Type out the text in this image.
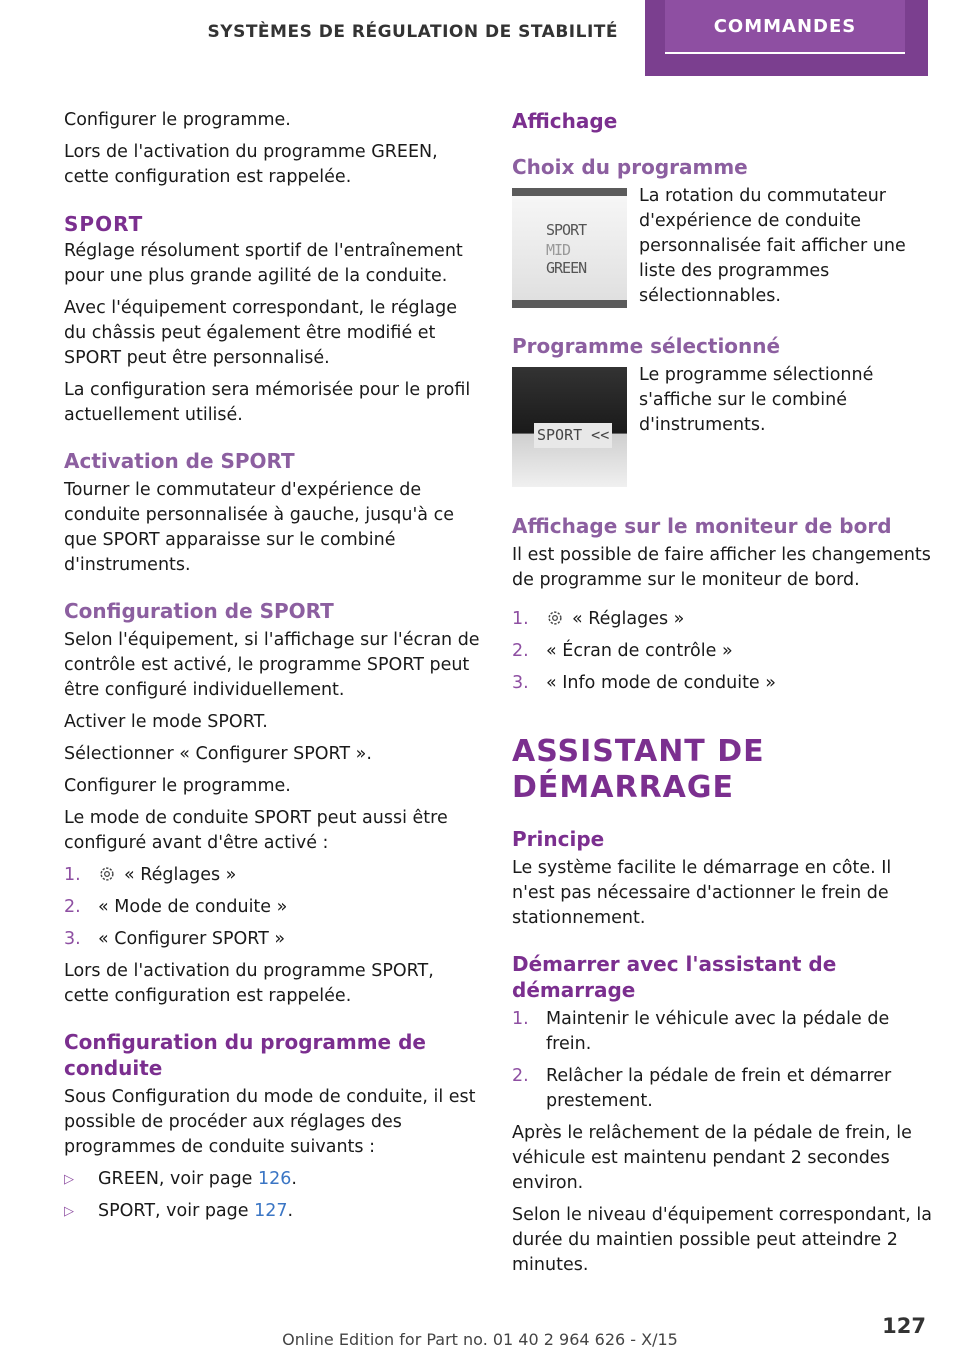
SYSTÈMES DE RÉGULATION DE STABILITÉ	COMMANDES

Configurer le programme.

Lors de l'activation du programme GREEN, cette configuration est rappelée.

SPORT

Réglage résolument sportif de l'entraînement pour une plus grande agilité de la conduite.

Avec l'équipement correspondant, le réglage du châssis peut également être modifié et SPORT peut être personnalisé.

La configuration sera mémorisée pour le profil actuellement utilisé.

Activation de SPORT

Tourner le commutateur d'expérience de conduite personnalisée à gauche, jusqu'à ce que SPORT apparaisse sur le combiné d'instruments.

Configuration de SPORT

Selon l'équipement, si l'affichage sur l'écran de contrôle est activé, le programme SPORT peut être configuré individuellement.

Activer le mode SPORT.

Sélectionner « Configurer SPORT ».

Configurer le programme.

Le mode de conduite SPORT peut aussi être configuré avant d'être activé :

1. « Réglages »
2. « Mode de conduite »
3. « Configurer SPORT »

Lors de l'activation du programme SPORT, cette configuration est rappelée.

Configuration du programme de conduite

Sous Configuration du mode de conduite, il est possible de procéder aux réglages des programmes de conduite suivants :

▷ GREEN, voir page 126.
▷ SPORT, voir page 127.
Affichage
Choix du programme
SPORT
MID
GREEN
La rotation du commutateur d'expérience de conduite personnalisée fait afficher une liste des programmes sélectionnables.
Programme sélectionné
SPORT <<
Le programme sélectionné s'affiche sur le combiné d'instruments.
Affichage sur le moniteur de bord

Il est possible de faire afficher les changements de programme sur le moniteur de bord.

1. « Réglages »
2. « Écran de contrôle »
3. « Info mode de conduite »
ASSISTANT DE DÉMARRAGE
Principe

Le système facilite le démarrage en côte. Il n'est pas nécessaire d'actionner le frein de stationnement.

Démarrer avec l'assistant de démarrage
1. Maintenir le véhicule avec la pédale de frein.
2. Relâcher la pédale de frein et démarrer prestement.

Après le relâchement de la pédale de frein, le véhicule est maintenu pendant 2 secondes environ.

Selon le niveau d'équipement correspondant, la durée du maintien possible peut atteindre 2 minutes.

127
Online Edition for Part no. 01 40 2 964 626 - X/15
